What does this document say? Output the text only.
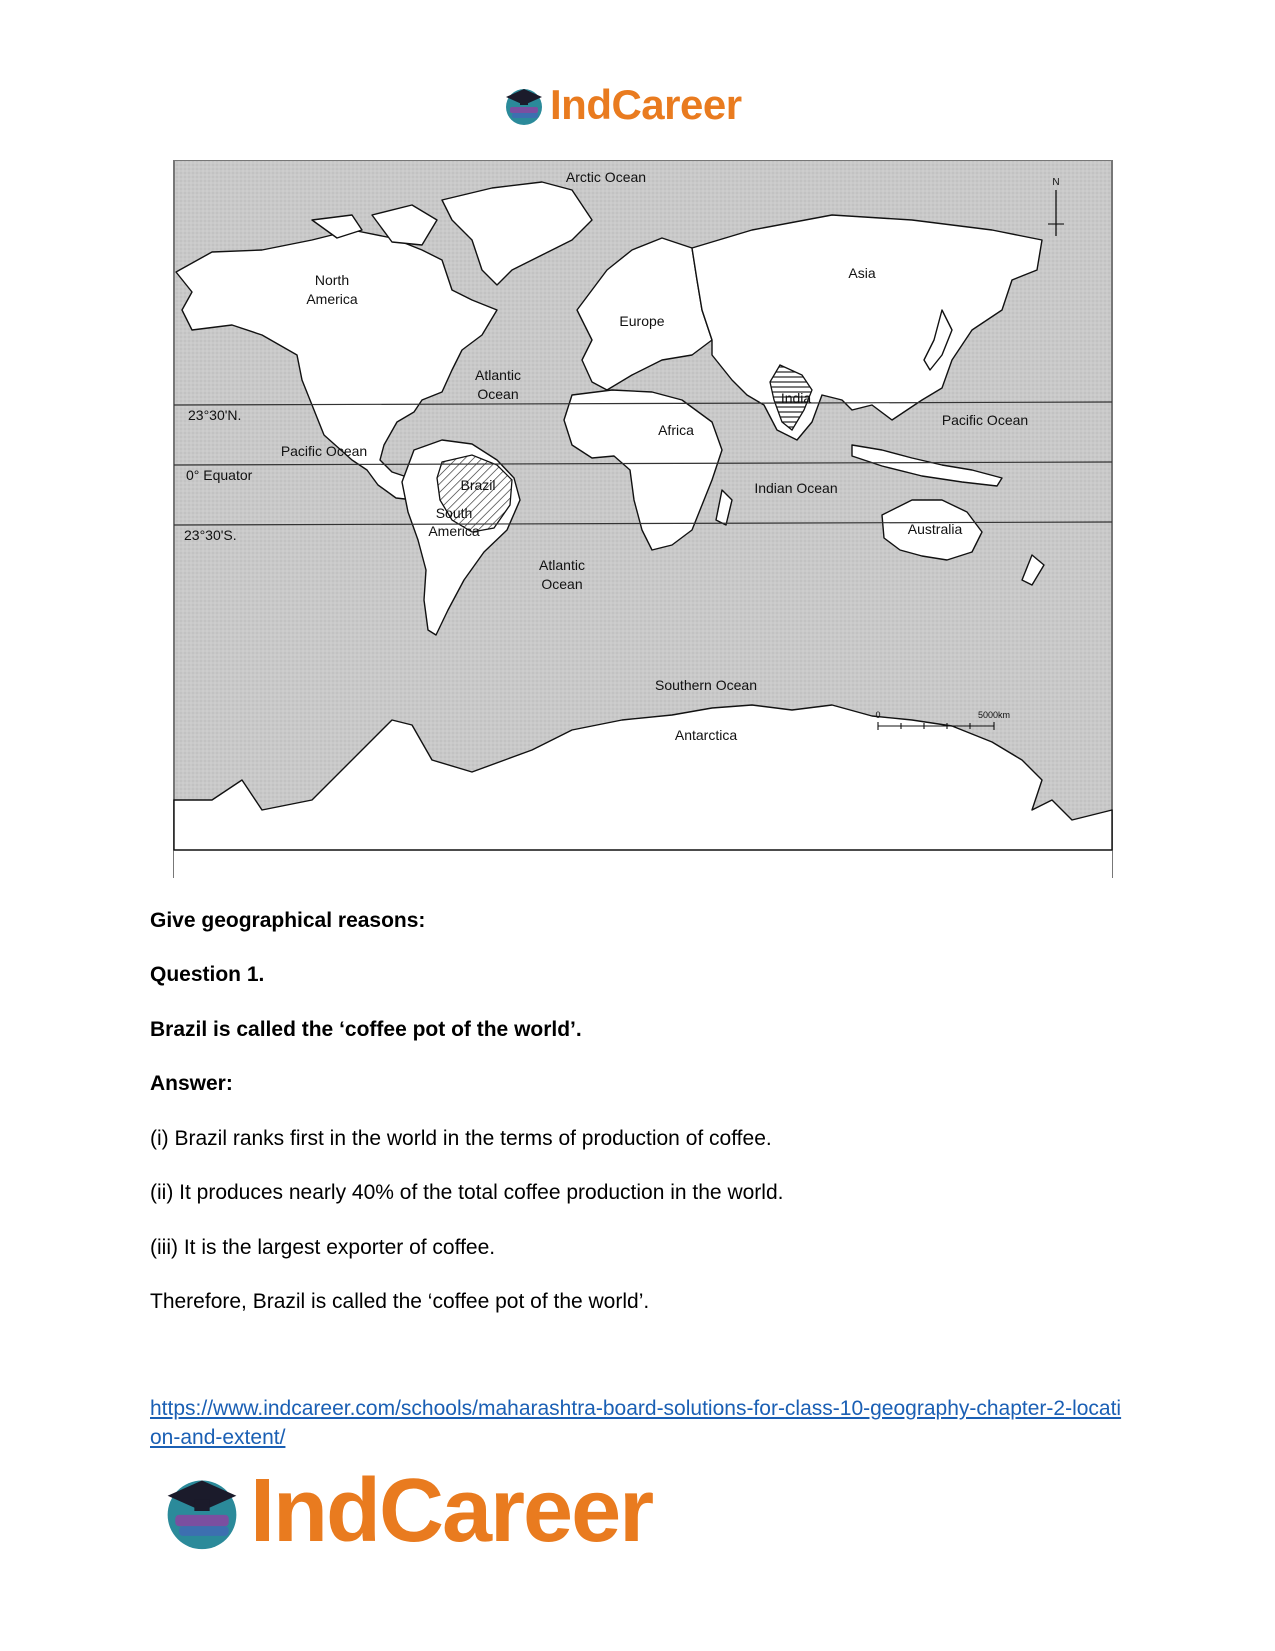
IndCareer
Arctic Ocean
North
America
Europe
Asia
Atlantic
Ocean	India
Africa
Pacific Ocean
23°30'N.
Pacific Ocean
0° Equator
Brazil	Indian Ocean
South
America	Australia
23°30'S.
Atlantic
Ocean
Southern Ocean
Antarctica
N
0	5000km
Give geographical reasons:
Question 1.
Brazil is called the ‘coffee pot of the world’.
Answer:
(i) Brazil ranks first in the world in the terms of production of coffee.
(ii) It produces nearly 40% of the total coffee production in the world.
(iii) It is the largest exporter of coffee.
Therefore, Brazil is called the ‘coffee pot of the world’.
https://www.indcareer.com/schools/maharashtra-board-solutions-for-class-10-geography-chapter-2-location-and-extent/
IndCareer
